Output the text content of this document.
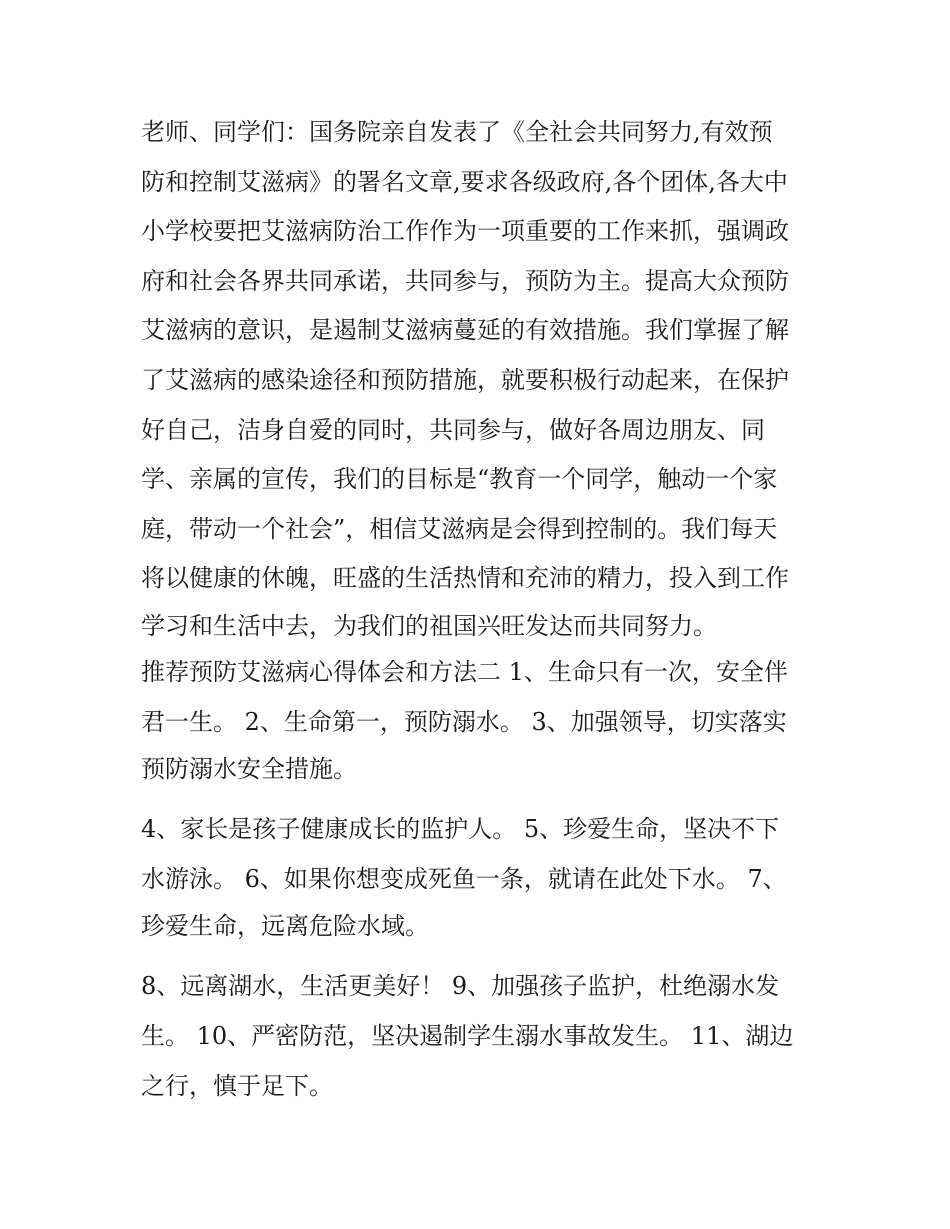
老师、同学们：国务院亲自发表了《全社会共同努力,有效预
防和控制艾滋病》的署名文章,要求各级政府,各个团体,各大中
小学校要把艾滋病防治工作作为一项重要的工作来抓，强调政
府和社会各界共同承诺，共同参与，预防为主。提高大众预防
艾滋病的意识，是遏制艾滋病蔓延的有效措施。我们掌握了解
了艾滋病的感染途径和预防措施，就要积极行动起来，在保护
好自己，洁身自爱的同时，共同参与，做好各周边朋友、同
学、亲属的宣传，我们的目标是“教育一个同学，触动一个家
庭，带动一个社会”，相信艾滋病是会得到控制的。我们每天
将以健康的休魄，旺盛的生活热情和充沛的精力，投入到工作
学习和生活中去，为我们的祖国兴旺发达而共同努力。
推荐预防艾滋病心得体会和方法二 1、生命只有一次，安全伴
君一生。 2、生命第一，预防溺水。 3、加强领导，切实落实
预防溺水安全措施。
4、家长是孩子健康成长的监护人。 5、珍爱生命，坚决不下
水游泳。 6、如果你想变成死鱼一条，就请在此处下水。 7、
珍爱生命，远离危险水域。
8、远离湖水，生活更美好！ 9、加强孩子监护，杜绝溺水发
生。 10、严密防范，坚决遏制学生溺水事故发生。 11、湖边
之行，慎于足下。
